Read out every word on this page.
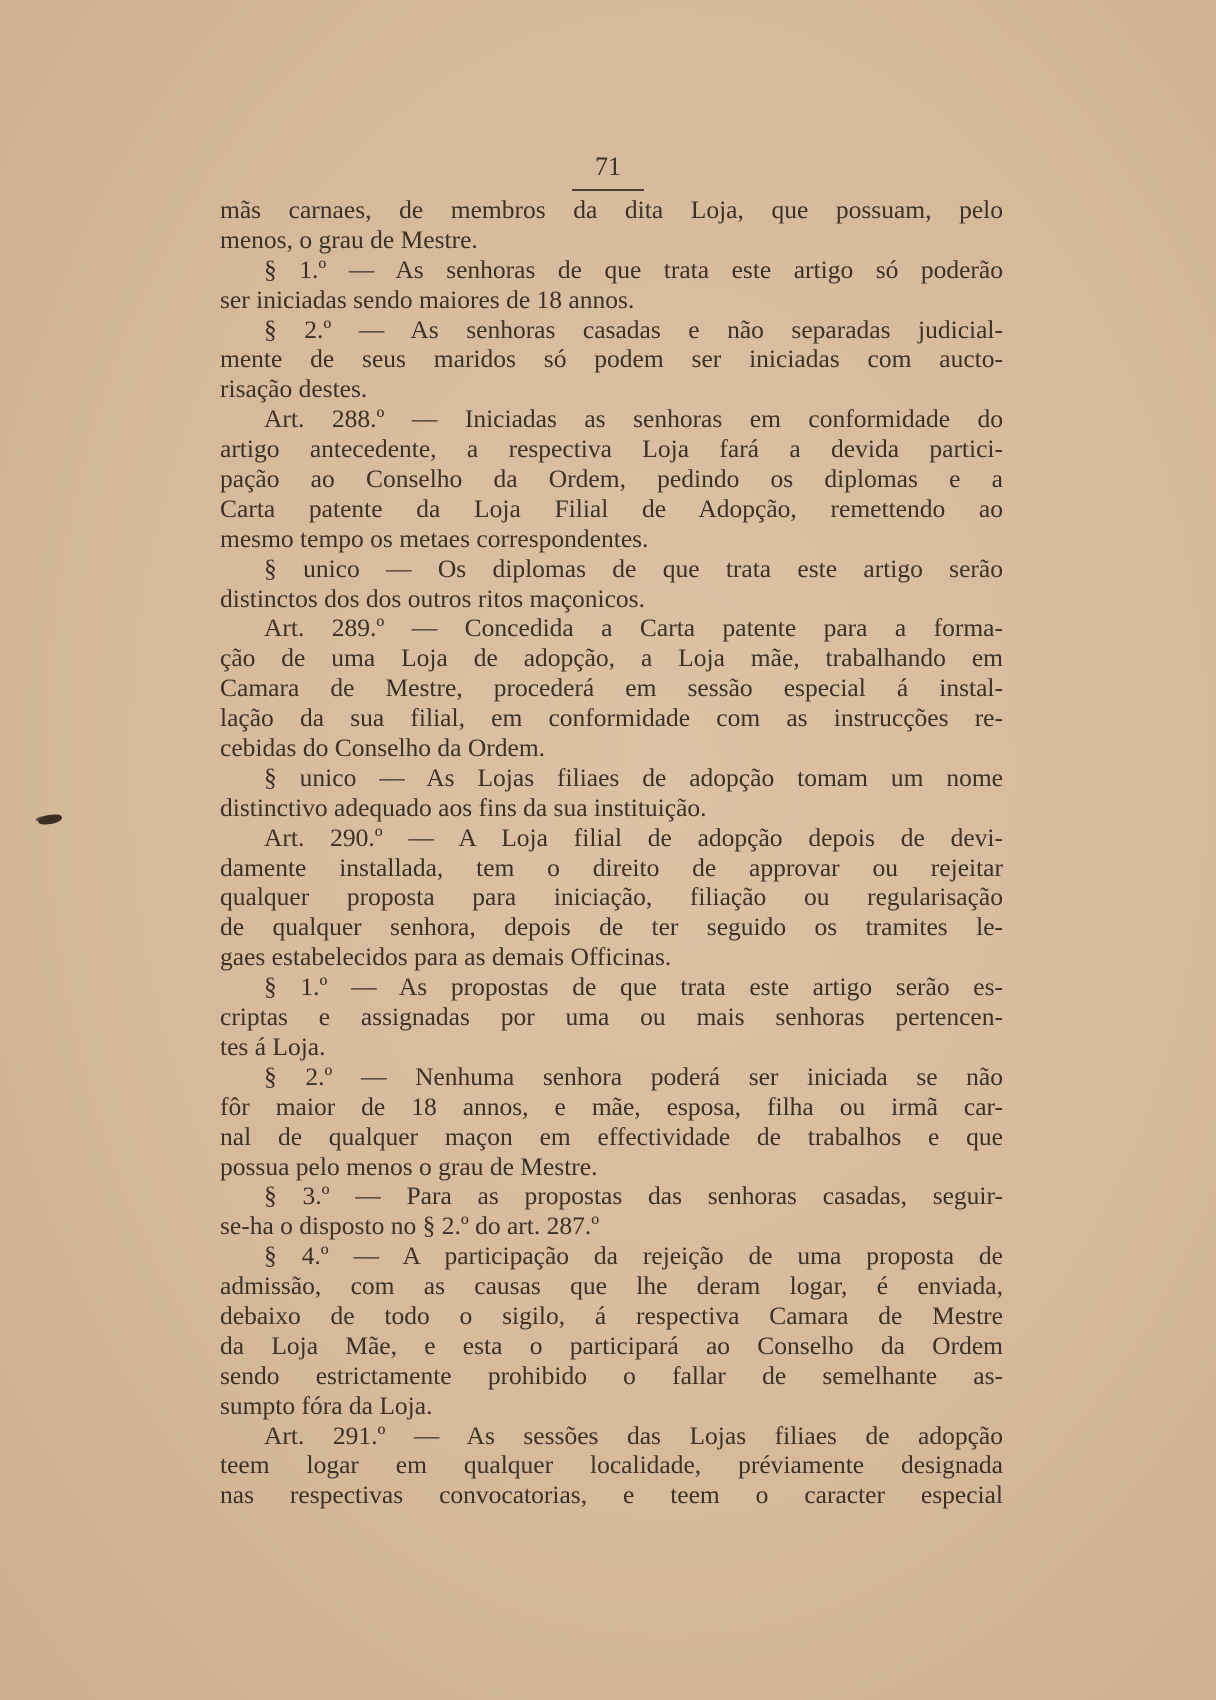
71
mãs carnaes, de membros da dita Loja, que possuam, pelo
menos, o grau de Mestre.
§ 1.º — As senhoras de que trata este artigo só poderão
ser iniciadas sendo maiores de 18 annos.
§ 2.º — As senhoras casadas e não separadas judicial-
mente de seus maridos só podem ser iniciadas com aucto-
risação destes.
Art. 288.º — Iniciadas as senhoras em conformidade do
artigo antecedente, a respectiva Loja fará a devida partici-
pação ao Conselho da Ordem, pedindo os diplomas e a
Carta patente da Loja Filial de Adopção, remettendo ao
mesmo tempo os metaes correspondentes.
§ unico — Os diplomas de que trata este artigo serão
distinctos dos dos outros ritos maçonicos.
Art. 289.º — Concedida a Carta patente para a forma-
ção de uma Loja de adopção, a Loja mãe, trabalhando em
Camara de Mestre, procederá em sessão especial á instal-
lação da sua filial, em conformidade com as instrucções re-
cebidas do Conselho da Ordem.
§ unico — As Lojas filiaes de adopção tomam um nome
distinctivo adequado aos fins da sua instituição.
Art. 290.º — A Loja filial de adopção depois de devi-
damente installada, tem o direito de approvar ou rejeitar
qualquer proposta para iniciação, filiação ou regularisação
de qualquer senhora, depois de ter seguido os tramites le-
gaes estabelecidos para as demais Officinas.
§ 1.º — As propostas de que trata este artigo serão es-
criptas e assignadas por uma ou mais senhoras pertencen-
tes á Loja.
§ 2.º — Nenhuma senhora poderá ser iniciada se não
fôr maior de 18 annos, e mãe, esposa, filha ou irmã car-
nal de qualquer maçon em effectividade de trabalhos e que
possua pelo menos o grau de Mestre.
§ 3.º — Para as propostas das senhoras casadas, seguir-
se-ha o disposto no § 2.º do art. 287.º
§ 4.º — A participação da rejeição de uma proposta de
admissão, com as causas que lhe deram logar, é enviada,
debaixo de todo o sigilo, á respectiva Camara de Mestre
da Loja Mãe, e esta o participará ao Conselho da Ordem
sendo estrictamente prohibido o fallar de semelhante as-
sumpto fóra da Loja.
Art. 291.º — As sessões das Lojas filiaes de adopção
teem logar em qualquer localidade, préviamente designada
nas respectivas convocatorias, e teem o caracter especial
